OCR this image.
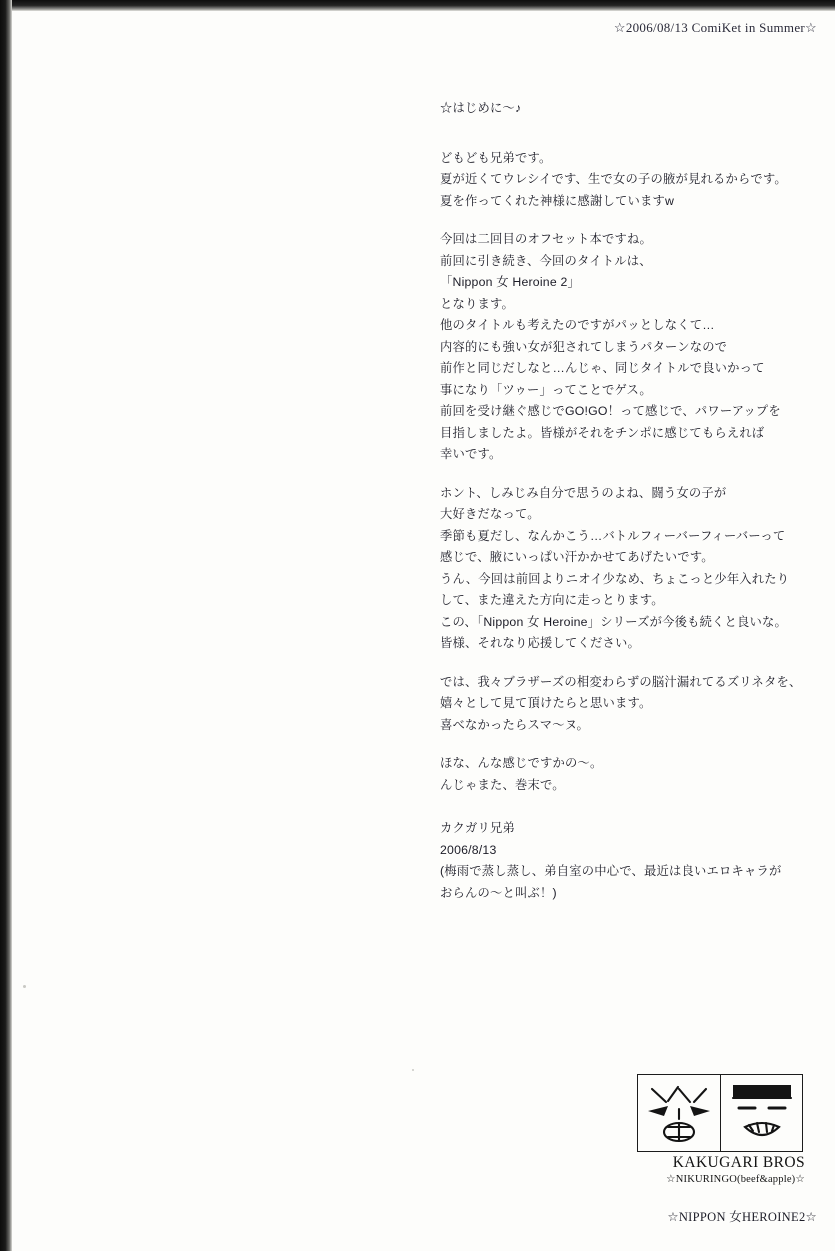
☆2006/08/13 ComiKet in Summer☆
☆はじめに〜♪
どもども兄弟です。
夏が近くてウレシイです、生で女の子の腋が見れるからです。
夏を作ってくれた神様に感謝していますw
今回は二回目のオフセット本ですね。
前回に引き続き、今回のタイトルは、
「Nippon 女 Heroine 2」
となります。
他のタイトルも考えたのですがパッとしなくて…
内容的にも強い女が犯されてしまうパターンなので
前作と同じだしなと…んじゃ、同じタイトルで良いかって
事になり「ツゥー」ってことでゲス。
前回を受け継ぐ感じでGO!GO！って感じで、パワーアップを
目指しましたよ。皆様がそれをチンポに感じてもらえれば
幸いです。
ホント、しみじみ自分で思うのよね、闘う女の子が
大好きだなって。
季節も夏だし、なんかこう…バトルフィーバーフィーバーって
感じで、腋にいっぱい汗かかせてあげたいです。
うん、今回は前回よりニオイ少なめ、ちょこっと少年入れたり
して、また違えた方向に走っとります。
この、「Nippon 女 Heroine」シリーズが今後も続くと良いな。
皆様、それなり応援してください。
では、我々ブラザーズの相変わらずの脳汁漏れてるズリネタを、
嬉々として見て頂けたらと思います。
喜べなかったらスマ〜ヌ。
ほな、んな感じですかの〜。
んじゃまた、巻末で。
カクガリ兄弟
2006/8/13
(梅雨で蒸し蒸し、弟自室の中心で、最近は良いエロキャラが
おらんの〜と叫ぶ！)
KAKUGARI BROS
☆NIKURINGO(beef&apple)☆
☆NIPPON 女HEROINE2☆
